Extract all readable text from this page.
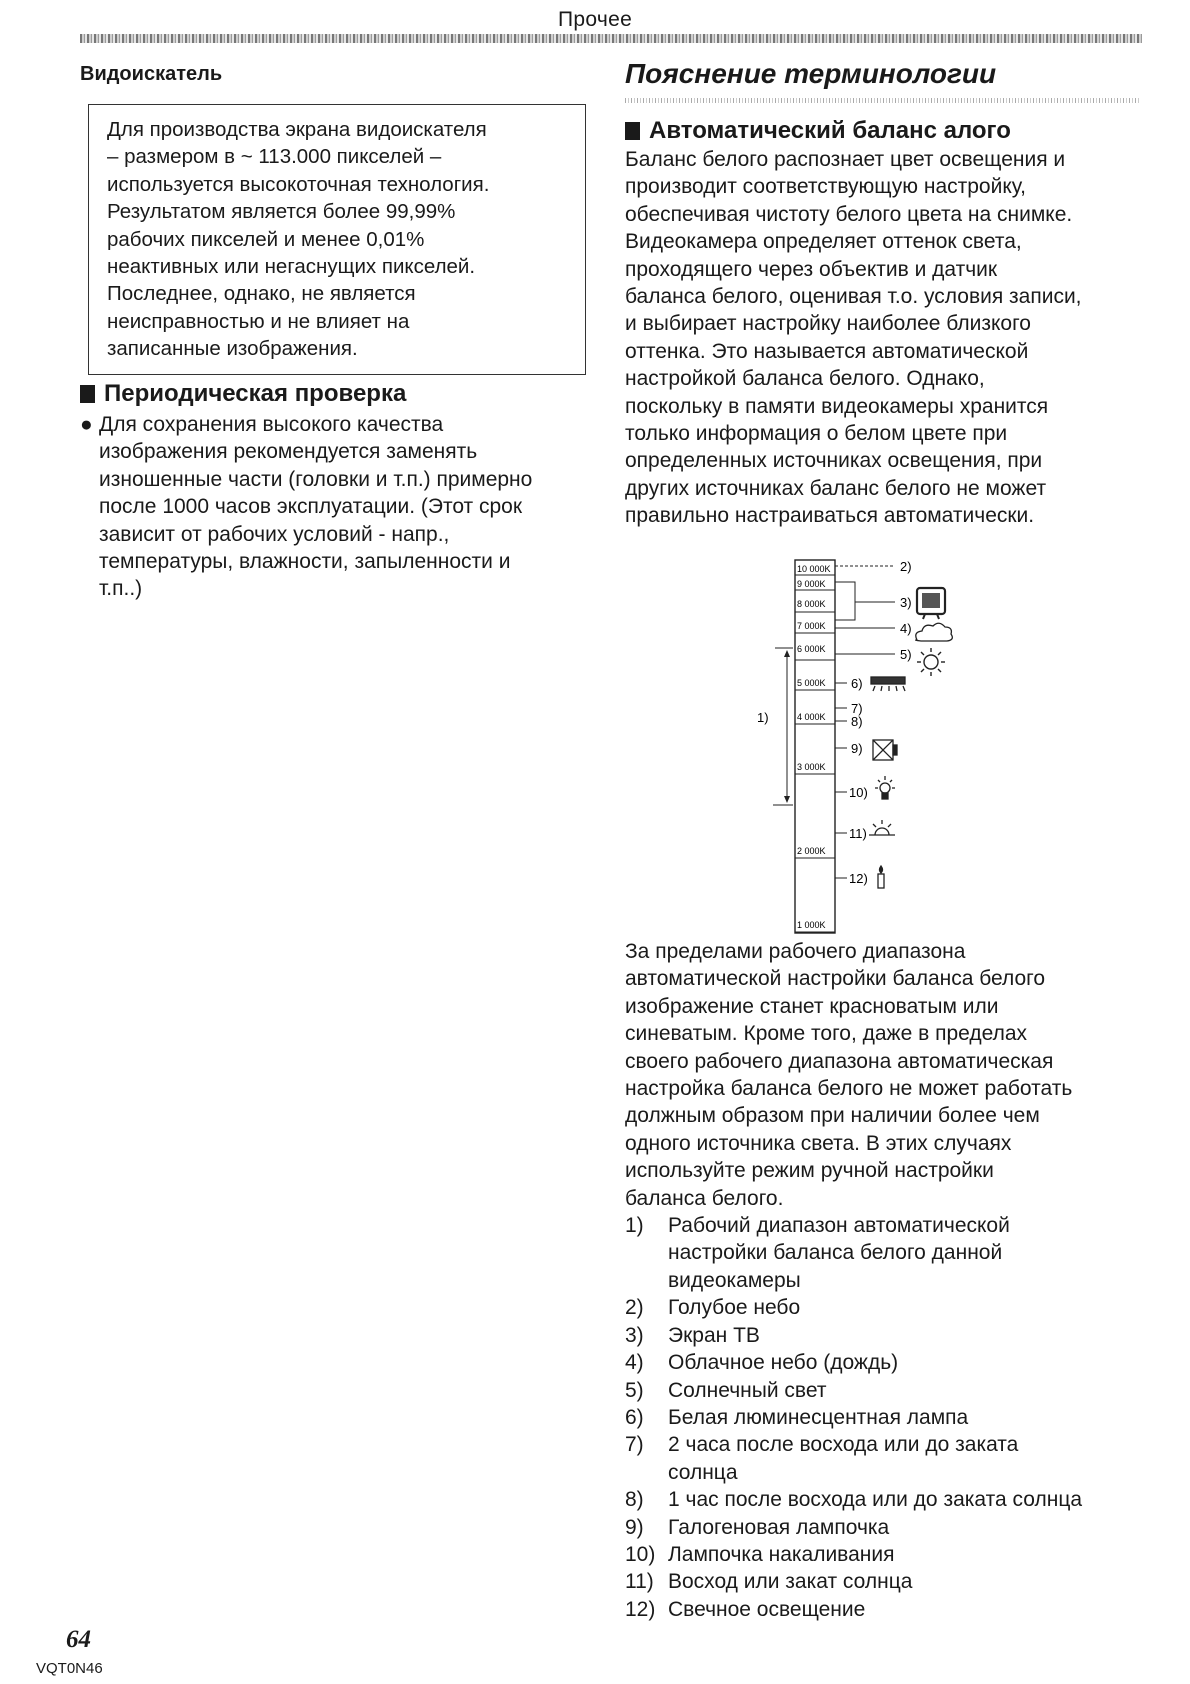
Прочее
Видоискатель

Для производства экрана видоискателя

– размером в ~ 113.000 пикселей –

используется высокоточная технология.

Результатом является более 99,99%

рабочих пикселей и менее 0,01%

неактивных или негаснущих пикселей.

Последнее, однако, не является

неисправностью и не влияет на

записанные изображения.

Периодическая проверка
● Для сохранения высокого качества
изображения рекомендуется заменять
изношенные части (головки и т.п.) примерно
после 1000 часов эксплуатации. (Этот срок
зависит от рабочих условий - напр.,
температуры, влажности, запыленности и
т.п..)
Пояснение терминологии
Автоматический баланс алого

Баланс белого распознает цвет освещения и

производит соответствующую настройку,

обеспечивая чистоту белого цвета на снимке.

Видеокамера определяет оттенок света,

проходящего через объектив и датчик

баланса белого, оценивая т.о. условия записи,

и выбирает настройку наиболее близкого

оттенка. Это называется автоматической

настройкой баланса белого. Однако,

поскольку в памяти видеокамеры хранится

только информация о белом цвете при

определенных источниках освещения, при

других источниках баланс белого не может

правильно настраиваться автоматически.

10 000K
9 000K
8 000K
7 000K
6 000K
5 000K
4 000K
3 000K
2 000K
1 000K
1)
2)
3)
4)
5)
6)
7)
8)
9)
10)
11)
12)

За пределами рабочего диапазона

автоматической настройки баланса белого

изображение станет красноватым или

синеватым. Кроме того, даже в пределах

своего рабочего диапазона автоматическая

настройка баланса белого не может работать

должным образом при наличии более чем

одного источника света. В этих случаях

используйте режим ручной настройки

баланса белого.

1)	Рабочий диапазон автоматической
настройки баланса белого данной
видеокамеры
2)	Голубое небо
3)	Экран ТВ
4)	Облачное небо (дождь)
5)	Солнечный свет
6)	Белая люминесцентная лампа
7)	2 часа после восхода или до заката
солнца
8)	1 час после восхода или до заката солнца
9)	Галогеновая лампочка
10) Лампочка накаливания
11) Восход или закат солнца
12) Свечное освещение
64
VQT0N46
